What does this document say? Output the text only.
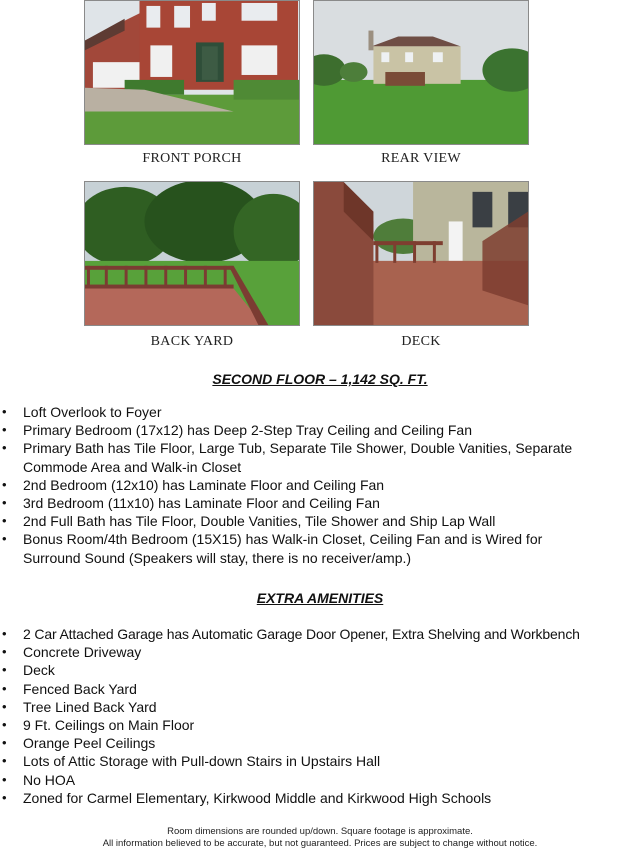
FRONT PORCH	REAR VIEW
BACK YARD	DECK
SECOND FLOOR – 1,142 SQ. FT.
• Loft Overlook to Foyer
• Primary Bedroom (17x12) has Deep 2-Step Tray Ceiling and Ceiling Fan
• Primary Bath has Tile Floor, Large Tub, Separate Tile Shower, Double Vanities, Separate Commode Area and Walk-in Closet
• 2nd Bedroom (12x10) has Laminate Floor and Ceiling Fan
• 3rd Bedroom (11x10) has Laminate Floor and Ceiling Fan
• 2nd Full Bath has Tile Floor, Double Vanities, Tile Shower and Ship Lap Wall
• Bonus Room/4th Bedroom (15X15) has Walk-in Closet, Ceiling Fan and is Wired for Surround Sound (Speakers will stay, there is no receiver/amp.)
EXTRA AMENITIES
• 2 Car Attached Garage has Automatic Garage Door Opener, Extra Shelving and Workbench
• Concrete Driveway
• Deck
• Fenced Back Yard
• Tree Lined Back Yard
• 9 Ft. Ceilings on Main Floor
• Orange Peel Ceilings
• Lots of Attic Storage with Pull-down Stairs in Upstairs Hall
• No HOA
• Zoned for Carmel Elementary, Kirkwood Middle and Kirkwood High Schools
Room dimensions are rounded up/down. Square footage is approximate.
All information believed to be accurate, but not guaranteed. Prices are subject to change without notice.
